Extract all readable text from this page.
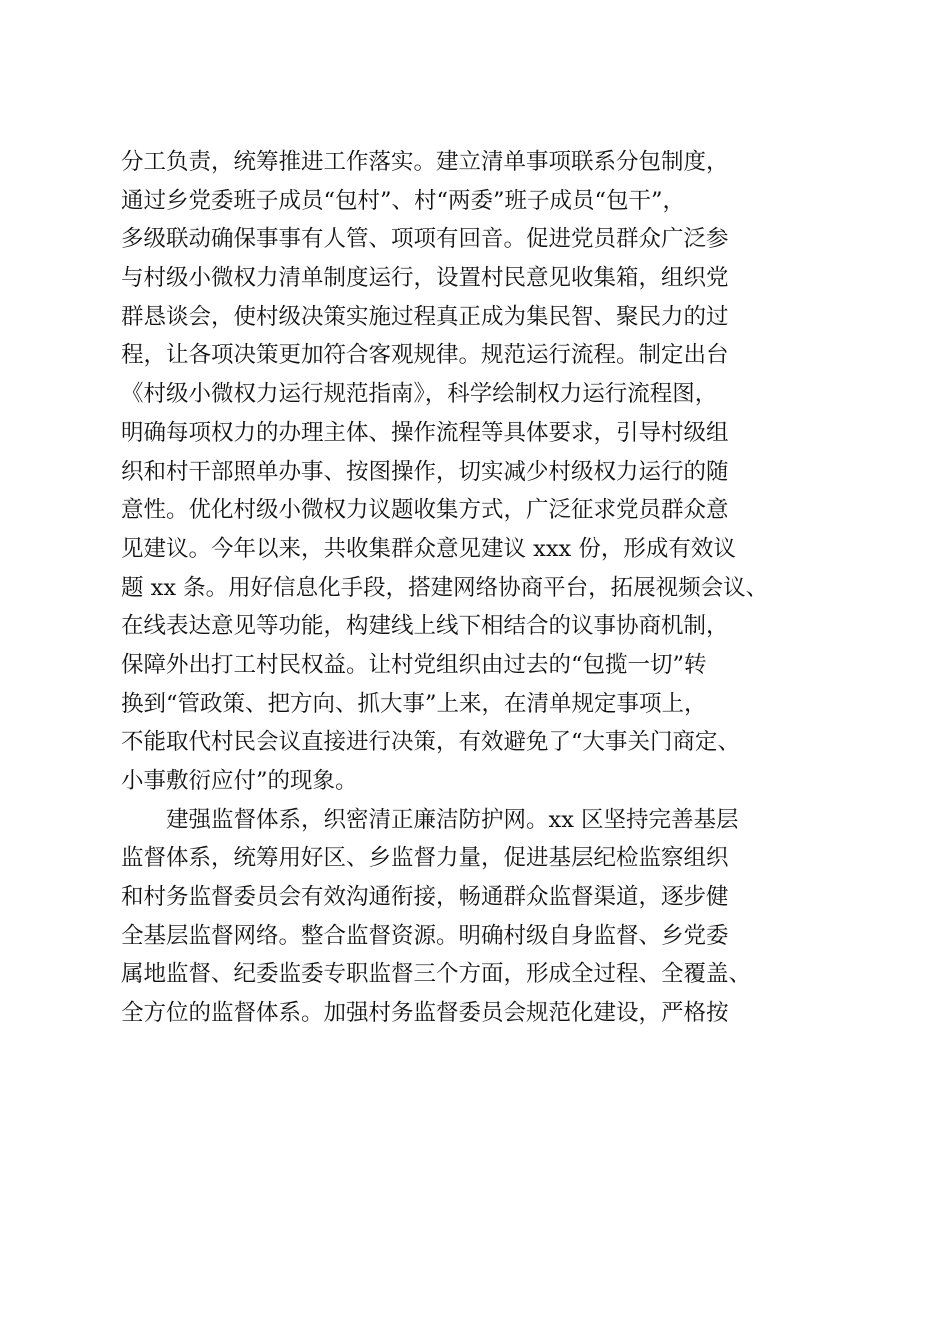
分工负责，统筹推进工作落实。建立清单事项联系分包制度，
通过乡党委班子成员“包村”、村“两委”班子成员“包干”，
多级联动确保事事有人管、项项有回音。促进党员群众广泛参
与村级小微权力清单制度运行，设置村民意见收集箱，组织党
群恳谈会，使村级决策实施过程真正成为集民智、聚民力的过
程，让各项决策更加符合客观规律。规范运行流程。制定出台
《村级小微权力运行规范指南》，科学绘制权力运行流程图，
明确每项权力的办理主体、操作流程等具体要求，引导村级组
织和村干部照单办事、按图操作，切实减少村级权力运行的随
意性。优化村级小微权力议题收集方式，广泛征求党员群众意
见建议。今年以来，共收集群众意见建议 xxx 份，形成有效议
题 xx 条。用好信息化手段，搭建网络协商平台，拓展视频会议、
在线表达意见等功能，构建线上线下相结合的议事协商机制，
保障外出打工村民权益。让村党组织由过去的“包揽一切”转
换到“管政策、把方向、抓大事”上来，在清单规定事项上，
不能取代村民会议直接进行决策，有效避免了“大事关门商定、
小事敷衍应付”的现象。
建强监督体系，织密清正廉洁防护网。xx 区坚持完善基层
监督体系，统筹用好区、乡监督力量，促进基层纪检监察组织
和村务监督委员会有效沟通衔接，畅通群众监督渠道，逐步健
全基层监督网络。整合监督资源。明确村级自身监督、乡党委
属地监督、纪委监委专职监督三个方面，形成全过程、全覆盖、
全方位的监督体系。加强村务监督委员会规范化建设，严格按
